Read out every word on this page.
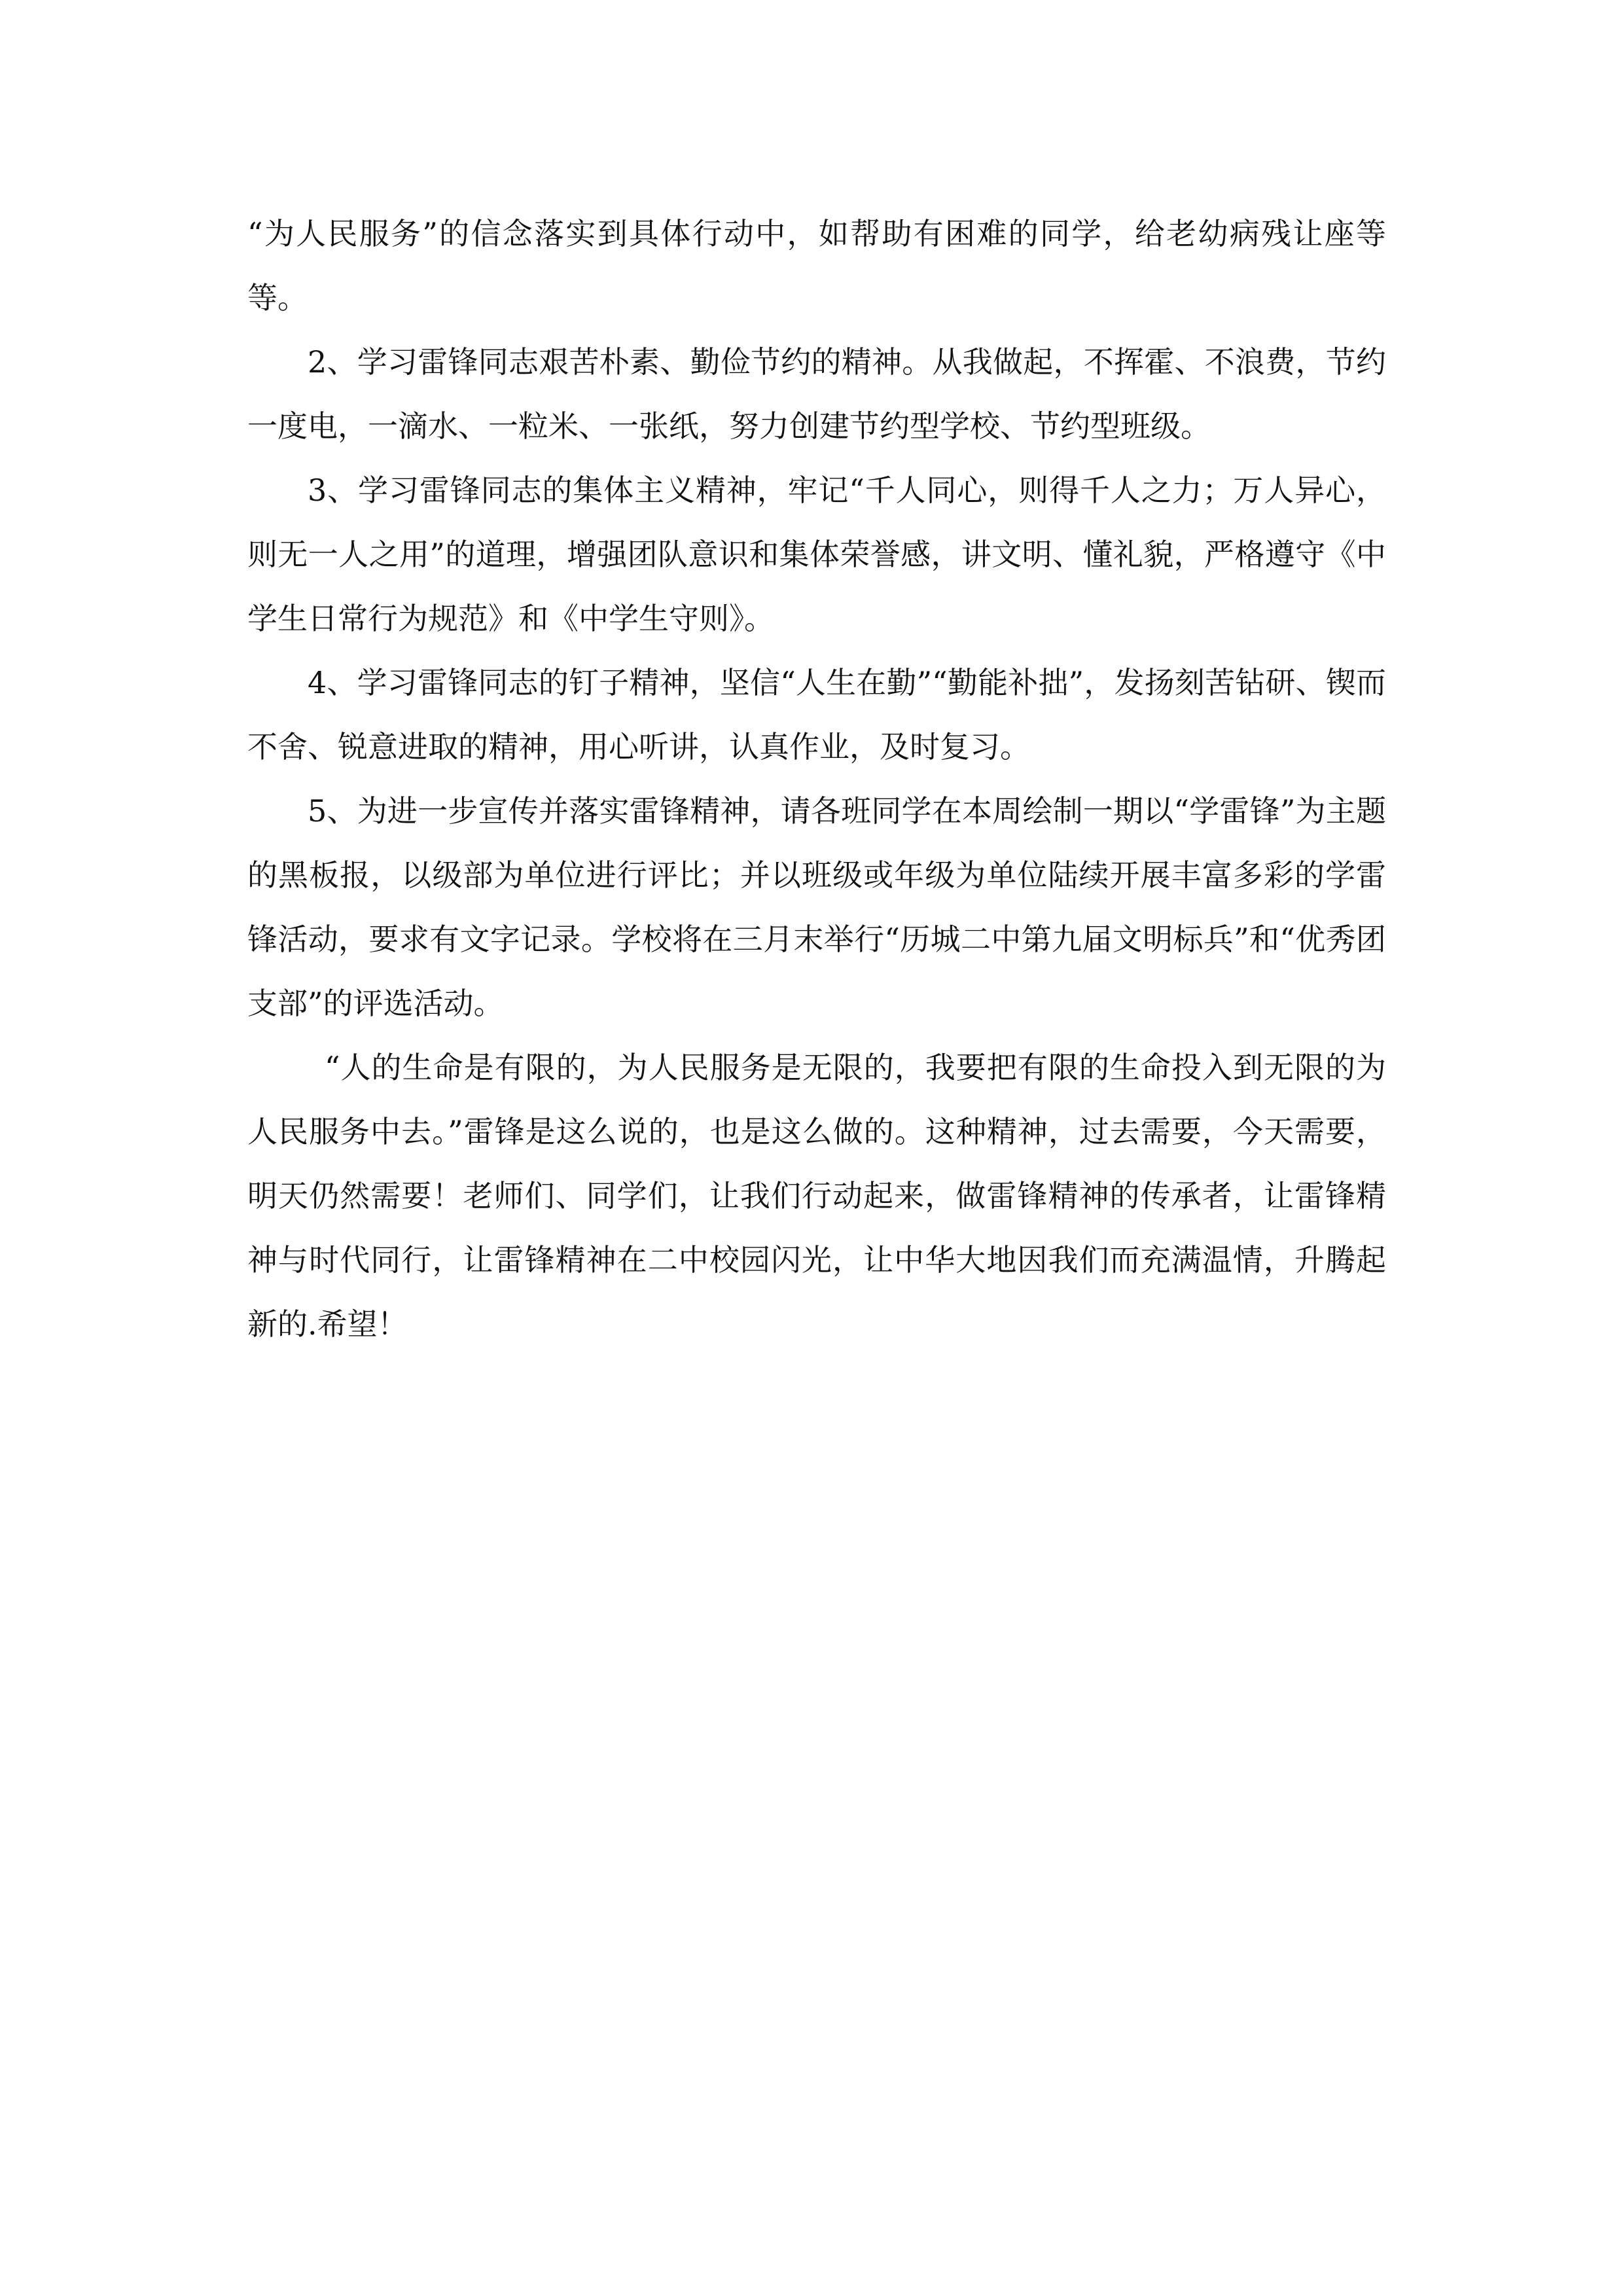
“为人民服务”的信念落实到具体行动中，如帮助有困难的同学，给老幼病残让座等等。

2、学习雷锋同志艰苦朴素、勤俭节约的精神。从我做起，不挥霍、不浪费，节约一度电，一滴水、一粒米、一张纸，努力创建节约型学校、节约型班级。

3、学习雷锋同志的集体主义精神，牢记“千人同心，则得千人之力；万人异心，则无一人之用”的道理，增强团队意识和集体荣誉感，讲文明、懂礼貌，严格遵守《中学生日常行为规范》和《中学生守则》。

4、学习雷锋同志的钉子精神，坚信“人生在勤”“勤能补拙”，发扬刻苦钻研、锲而不舍、锐意进取的精神，用心听讲，认真作业，及时复习。

5、为进一步宣传并落实雷锋精神，请各班同学在本周绘制一期以“学雷锋”为主题的黑板报，以级部为单位进行评比；并以班级或年级为单位陆续开展丰富多彩的学雷锋活动，要求有文字记录。学校将在三月末举行“历城二中第九届文明标兵”和“优秀团支部”的评选活动。

“人的生命是有限的，为人民服务是无限的，我要把有限的生命投入到无限的为人民服务中去。”雷锋是这么说的，也是这么做的。这种精神，过去需要，今天需要，明天仍然需要！老师们、同学们，让我们行动起来，做雷锋精神的传承者，让雷锋精神与时代同行，让雷锋精神在二中校园闪光，让中华大地因我们而充满温情，升腾起新的.希望！
